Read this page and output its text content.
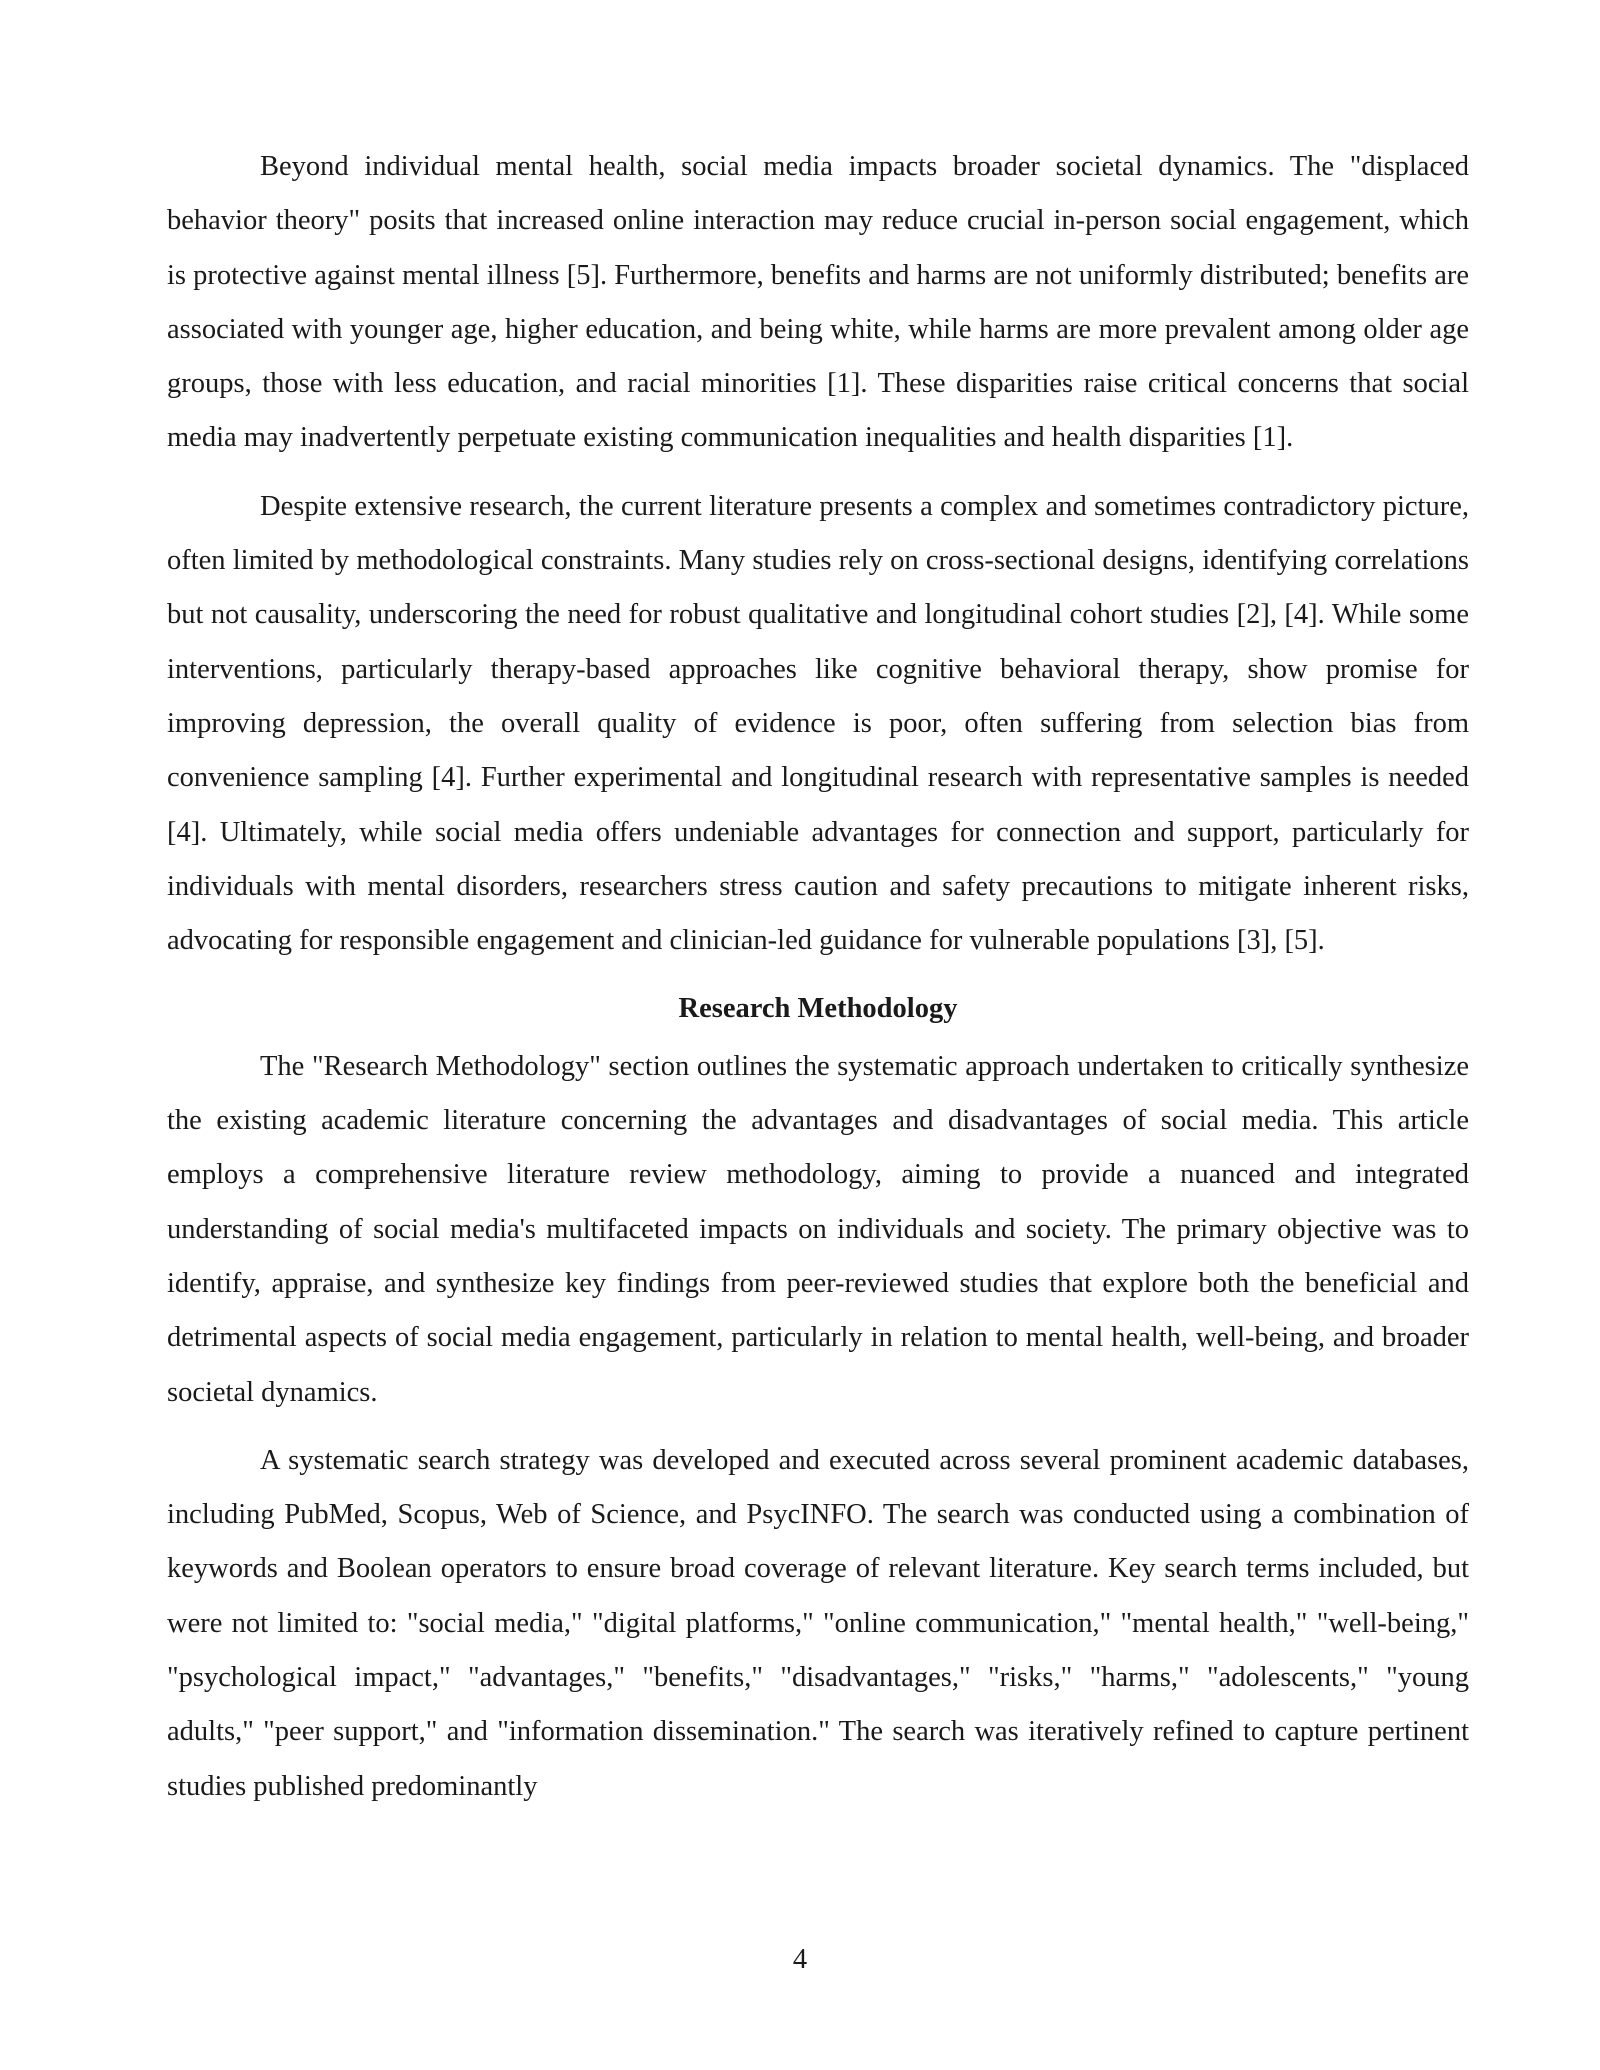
Beyond individual mental health, social media impacts broader societal dynamics. The "displaced behavior theory" posits that increased online interaction may reduce crucial in-person social engagement, which is protective against mental illness [5]. Furthermore, benefits and harms are not uniformly distributed; benefits are associated with younger age, higher education, and being white, while harms are more prevalent among older age groups, those with less education, and racial minorities [1]. These disparities raise critical concerns that social media may inadvertently perpetuate existing communication inequalities and health disparities [1].

Despite extensive research, the current literature presents a complex and sometimes contradictory picture, often limited by methodological constraints. Many studies rely on cross-sectional designs, identifying correlations but not causality, underscoring the need for robust qualitative and longitudinal cohort studies [2], [4]. While some interventions, particularly therapy-based approaches like cognitive behavioral therapy, show promise for improving depression, the overall quality of evidence is poor, often suffering from selection bias from convenience sampling [4]. Further experimental and longitudinal research with representative samples is needed [4]. Ultimately, while social media offers undeniable advantages for connection and support, particularly for individuals with mental disorders, researchers stress caution and safety precautions to mitigate inherent risks, advocating for responsible engagement and clinician-led guidance for vulnerable populations [3], [5].

Research Methodology

The "Research Methodology" section outlines the systematic approach undertaken to critically synthesize the existing academic literature concerning the advantages and disadvantages of social media. This article employs a comprehensive literature review methodology, aiming to provide a nuanced and integrated understanding of social media's multifaceted impacts on individuals and society. The primary objective was to identify, appraise, and synthesize key findings from peer-reviewed studies that explore both the beneficial and detrimental aspects of social media engagement, particularly in relation to mental health, well-being, and broader societal dynamics.

A systematic search strategy was developed and executed across several prominent academic databases, including PubMed, Scopus, Web of Science, and PsycINFO. The search was conducted using a combination of keywords and Boolean operators to ensure broad coverage of relevant literature. Key search terms included, but were not limited to: "social media," "digital platforms," "online communication," "mental health," "well-being," "psychological impact," "advantages," "benefits," "disadvantages," "risks," "harms," "adolescents," "young adults," "peer support," and "information dissemination." The search was iteratively refined to capture pertinent studies published predominantly

4
